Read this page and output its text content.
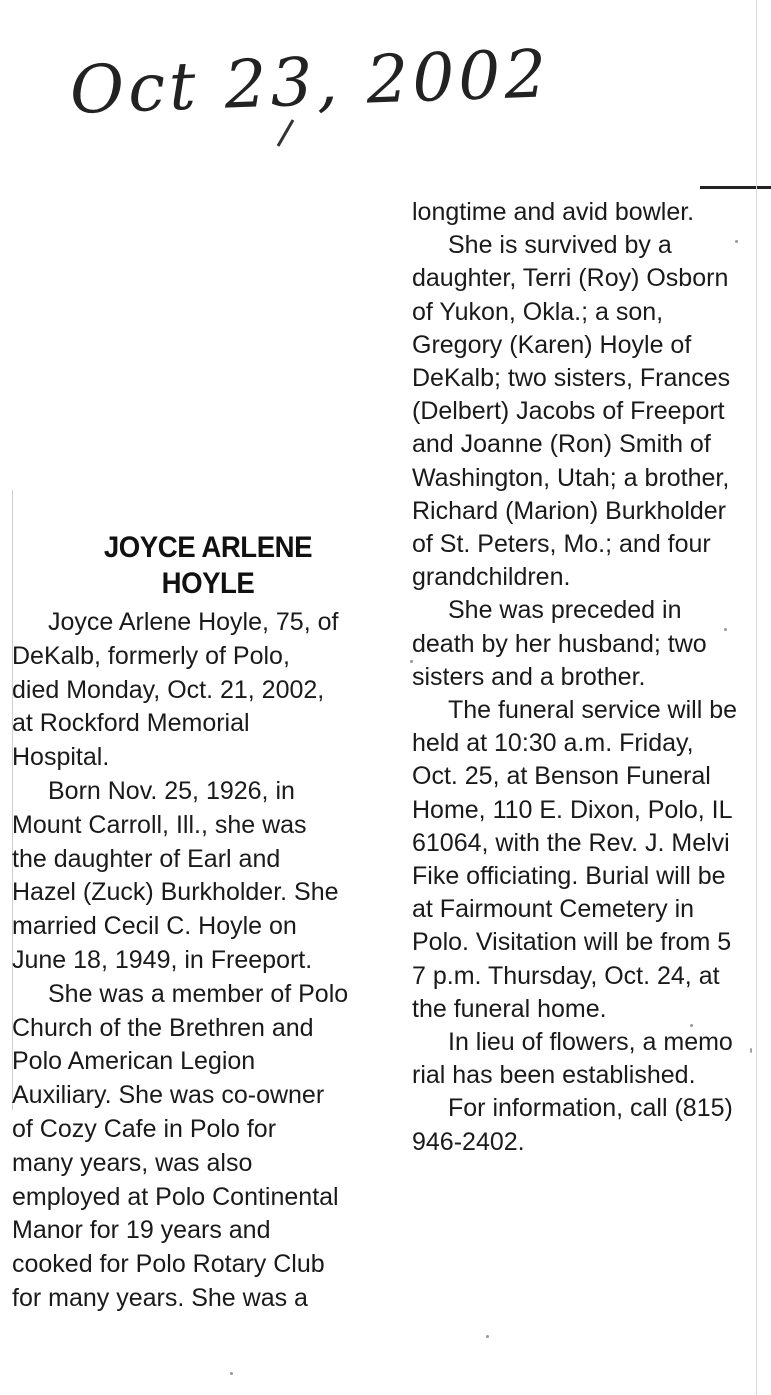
Oct 23, 2002
JOYCE ARLENE
HOYLE
Joyce Arlene Hoyle, 75, of
DeKalb, formerly of Polo,
died Monday, Oct. 21, 2002,
at Rockford Memorial
Hospital.
Born Nov. 25, 1926, in
Mount Carroll, Ill., she was
the daughter of Earl and
Hazel (Zuck) Burkholder. She
married Cecil C. Hoyle on
June 18, 1949, in Freeport.
She was a member of Polo
Church of the Brethren and
Polo American Legion
Auxiliary. She was co-owner
of Cozy Cafe in Polo for
many years, was also
employed at Polo Continental
Manor for 19 years and
cooked for Polo Rotary Club
for many years. She was a
longtime and avid bowler.
She is survived by a
daughter, Terri (Roy) Osborn
of Yukon, Okla.; a son,
Gregory (Karen) Hoyle of
DeKalb; two sisters, Frances
(Delbert) Jacobs of Freeport
and Joanne (Ron) Smith of
Washington, Utah; a brother,
Richard (Marion) Burkholder
of St. Peters, Mo.; and four
grandchildren.
She was preceded in
death by her husband; two
sisters and a brother.
The funeral service will be
held at 10:30 a.m. Friday,
Oct. 25, at Benson Funeral
Home, 110 E. Dixon, Polo, IL
61064, with the Rev. J. Melvi
Fike officiating. Burial will be
at Fairmount Cemetery in
Polo. Visitation will be from 5
7 p.m. Thursday, Oct. 24, at
the funeral home.
In lieu of flowers, a memo
rial has been established.
For information, call (815)
946-2402.
